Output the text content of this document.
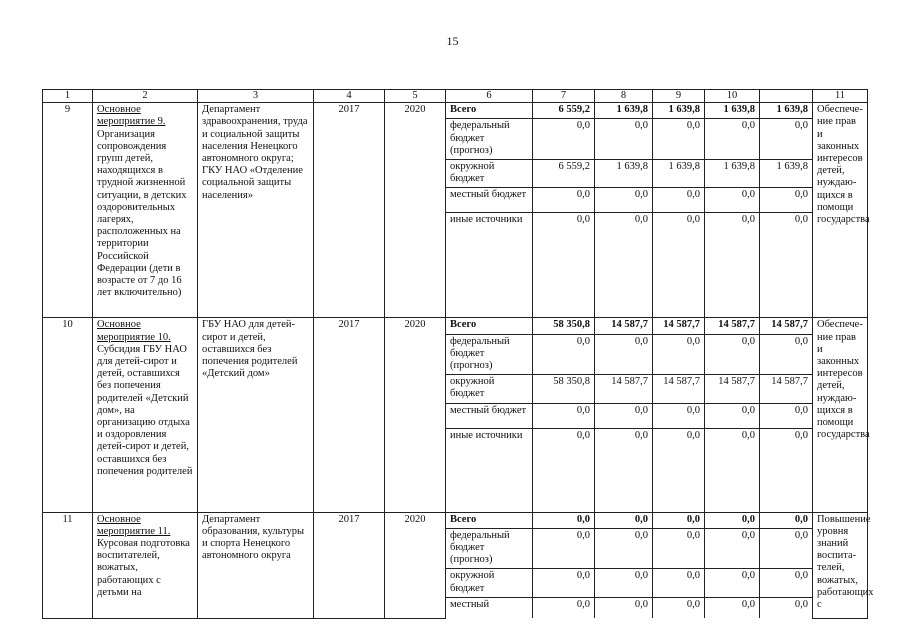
15
1	2	3	4	5	6	7	8	9	10		11
9	Основное мероприятие 9.
Организация сопровождения групп детей, находящихся в трудной жизненной ситуации, в детских оздоровительных лагерях, расположенных на территории Российской Федерации (дети в возрасте от 7 до 16 лет включительно)	Департамент здравоохранения, труда и социальной защиты населения Ненецкого автономного округа; ГКУ НАО «Отделение социальной защиты населения»	2017	2020	Всего	6 559,2	1 639,8	1 639,8	1 639,8	1 639,8	Обеспече-ние прав и законных интересов детей, нуждаю-щихся в помощи государства
					федеральный бюджет (прогноз)	0,0	0,0	0,0	0,0	0,0	
					окружной бюджет	6 559,2	1 639,8	1 639,8	1 639,8	1 639,8	
					местный бюджет	0,0	0,0	0,0	0,0	0,0	
					иные источники	0,0	0,0	0,0	0,0	0,0	
10	Основное мероприятие 10.
Субсидия ГБУ НАО для детей-сирот и детей, оставшихся без попечения родителей «Детский дом», на организацию отдыха и оздоровления детей-сирот и детей, оставшихся без попечения родителей	ГБУ НАО для детей-сирот и детей, оставшихся без попечения родителей «Детский дом»	2017	2020	Всего	58 350,8	14 587,7	14 587,7	14 587,7	14 587,7	Обеспече-ние прав и законных интересов детей, нуждаю-щихся в помощи государства
					федеральный бюджет (прогноз)	0,0	0,0	0,0	0,0	0,0	
					окружной бюджет	58 350,8	14 587,7	14 587,7	14 587,7	14 587,7	
					местный бюджет	0,0	0,0	0,0	0,0	0,0	
					иные источники	0,0	0,0	0,0	0,0	0,0	
11	Основное мероприятие 11.
Курсовая подготовка воспитателей, вожатых, работающих с детьми на	Департамент образования, культуры и спорта Ненецкого автономного округа	2017	2020	Всего	0,0	0,0	0,0	0,0	0,0	Повышение уровня знаний воспита-телей, вожатых, работающих с
					федеральный бюджет (прогноз)	0,0	0,0	0,0	0,0	0,0	
					окружной бюджет	0,0	0,0	0,0	0,0	0,0	
					местный	0,0	0,0	0,0	0,0	0,0	
